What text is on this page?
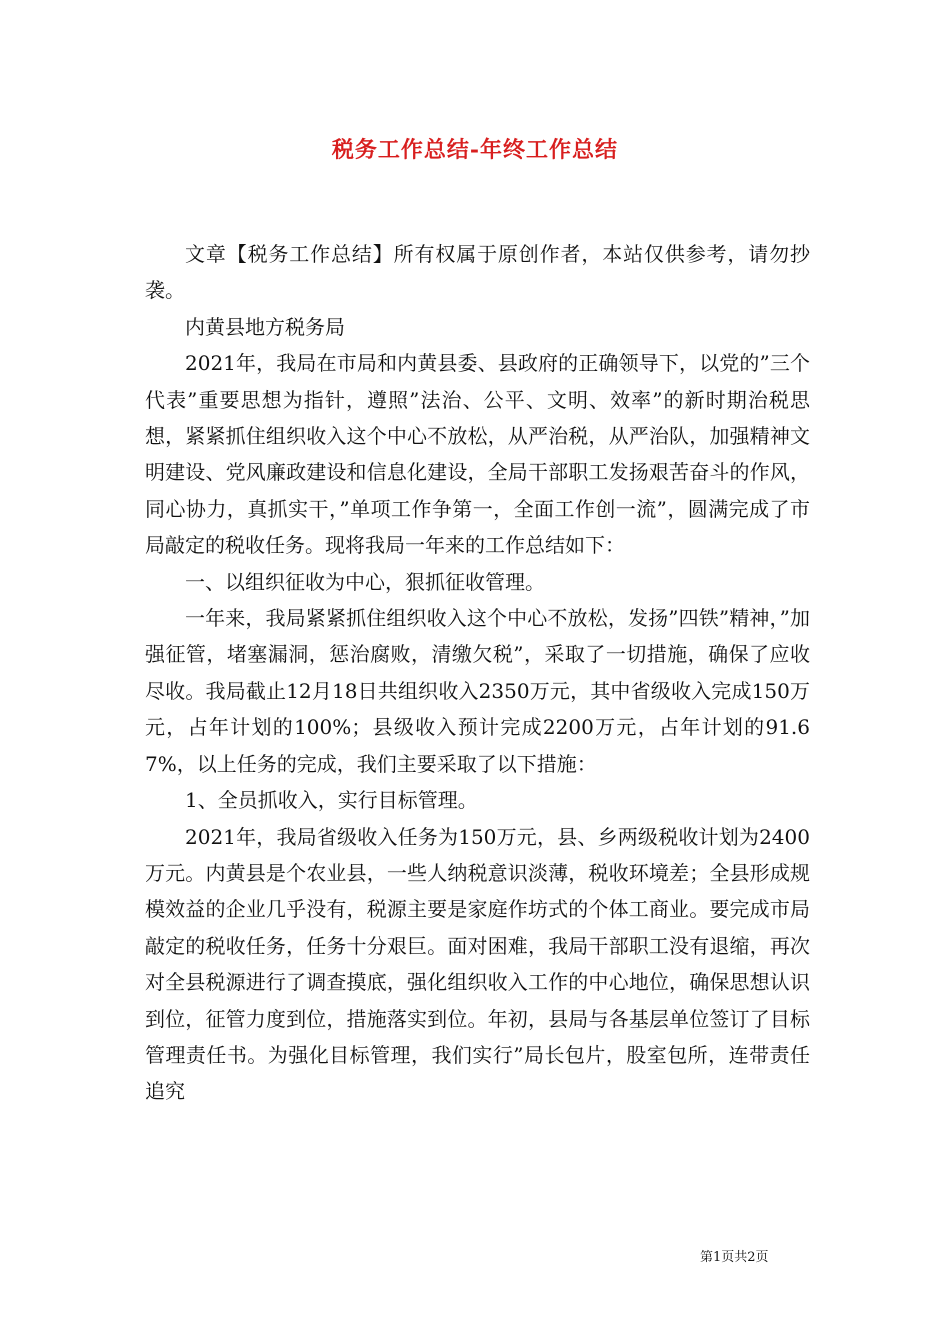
税务工作总结-年终工作总结

文章【税务工作总结】所有权属于原创作者，本站仅供参考，请勿抄袭。

内黄县地方税务局

2021年，我局在市局和内黄县委、县政府的正确领导下，以党的”三个代表”重要思想为指针，遵照”法治、公平、文明、效率”的新时期治税思想，紧紧抓住组织收入这个中心不放松，从严治税，从严治队，加强精神文明建设、党风廉政建设和信息化建设，全局干部职工发扬艰苦奋斗的作风，同心协力，真抓实干，”单项工作争第一，全面工作创一流”，圆满完成了市局敲定的税收任务。现将我局一年来的工作总结如下：

一、以组织征收为中心，狠抓征收管理。

一年来，我局紧紧抓住组织收入这个中心不放松，发扬”四铁”精神，”加强征管，堵塞漏洞，惩治腐败，清缴欠税”，采取了一切措施，确保了应收尽收。我局截止12月18日共组织收入2350万元，其中省级收入完成150万元，占年计划的100%；县级收入预计完成2200万元，占年计划的91.67%，以上任务的完成，我们主要采取了以下措施：

1、全员抓收入，实行目标管理。

2021年，我局省级收入任务为150万元，县、乡两级税收计划为2400万元。内黄县是个农业县，一些人纳税意识淡薄，税收环境差；全县形成规模效益的企业几乎没有，税源主要是家庭作坊式的个体工商业。要完成市局敲定的税收任务，任务十分艰巨。面对困难，我局干部职工没有退缩，再次对全县税源进行了调查摸底，强化组织收入工作的中心地位，确保思想认识到位，征管力度到位，措施落实到位。年初，县局与各基层单位签订了目标管理责任书。为强化目标管理，我们实行”局长包片，股室包所，连带责任追究

第1页共2页
